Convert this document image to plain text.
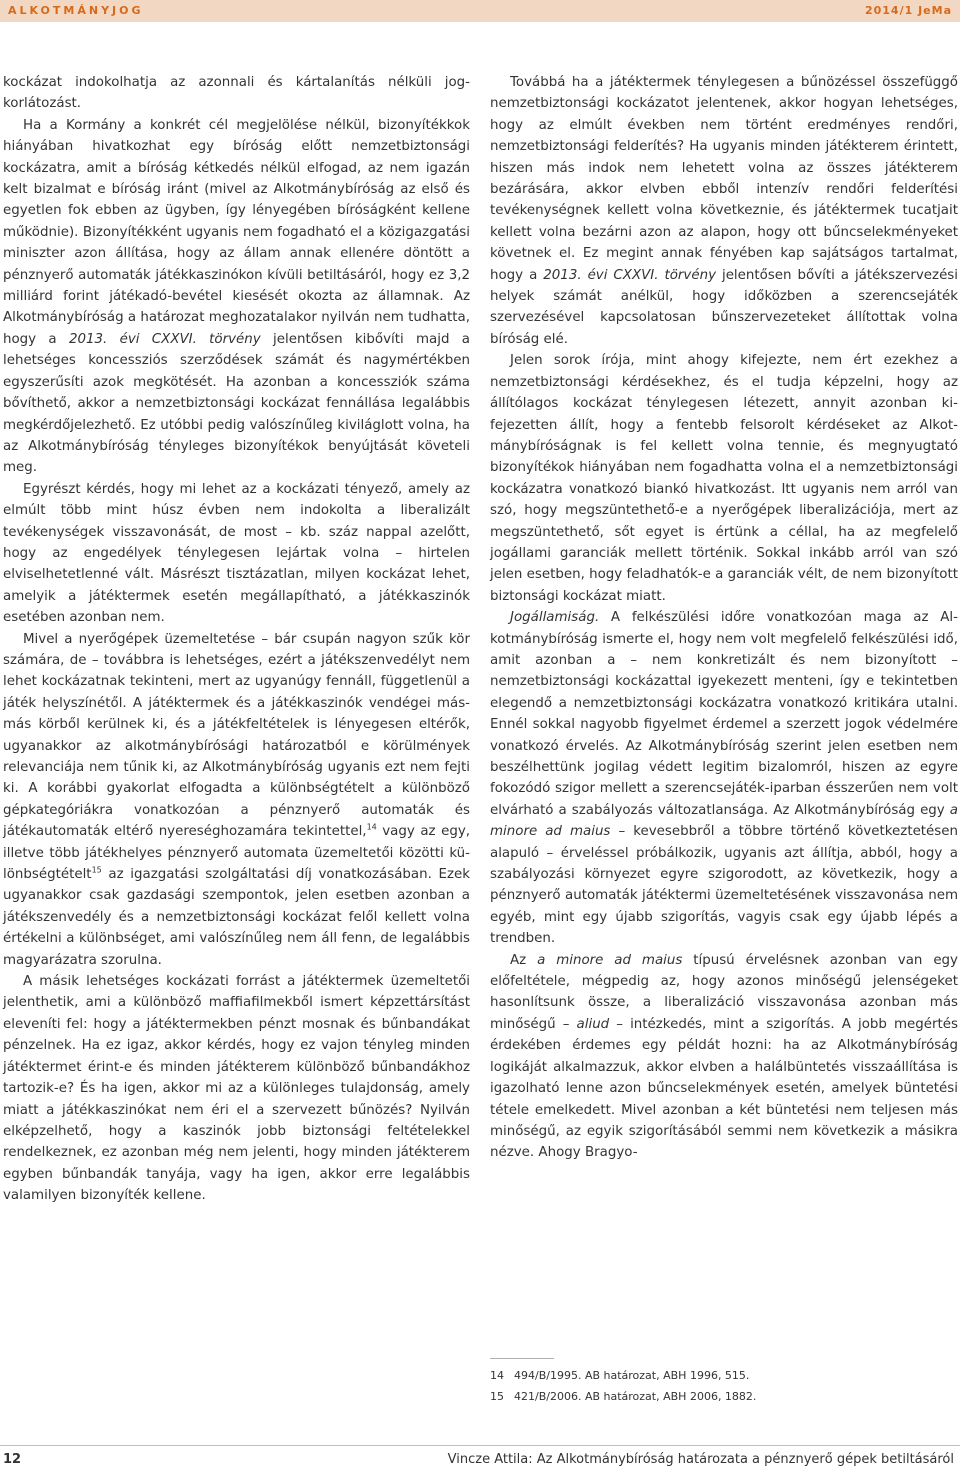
ALKOTMÁNYJOG	2014/1 JeMa

kockázat indokolhatja az azonnali és kártalanítás nélküli jogkorlátozást.

Ha a Kormány a konkrét cél megjelölése nélkül, bizonyítékkok hiányában hivatkozhat egy bíróság előtt nemzetbiztonsági kockázatra, amit a bíróság kétkedés nélkül elfogad, az nem igazán kelt bizalmat e bíróság iránt (mivel az Alkotmánybíróság az első és egyetlen fok ebben az ügyben, így lényegében bíróságként kellene működnie). Bizonyítékként ugyanis nem fogadható el a közigazgatási miniszter azon állítása, hogy az állam annak ellenére döntött a pénznyerő automaták játékkaszinókon kívüli betiltásáról, hogy ez 3,2 milliárd forint játékadó-bevétel kiesését okozta az államnak. Az Alkotmánybíróság a határozat meghozatalakor nyilván nem tudhatta, hogy a 2013. évi CXXVI. törvény jelentősen kibővíti majd a lehetséges koncessziós szerződések számát és nagymértékben egyszerűsíti azok megkötését. Ha azonban a koncessziók száma bővíthető, akkor a nemzetbiztonsági kockázat fennállása legalábbis megkérdőjelezhető. Ez utóbbi pedig valószínűleg kiviláglott volna, ha az Alkotmánybíróság tényleges bizonyítékok benyújtását követeli meg.

Egyrészt kérdés, hogy mi lehet az a kockázati tényező, amely az elmúlt több mint húsz évben nem indokolta a liberalizált tevékenységek visszavonását, de most – kb. száz nappal azelőtt, hogy az engedélyek ténylegesen lejártak volna – hirtelen elviselhetetlenné vált. Másrészt tisztázatlan, milyen kockázat lehet, amelyik a játéktermek esetén megállapítható, a játékkaszinók esetében azonban nem.

Mivel a nyerőgépek üzemeltetése – bár csupán nagyon szűk kör számára, de – továbbra is lehetséges, ezért a játékszenvedélyt nem lehet kockázatnak tekinteni, mert az ugyanúgy fennáll, függetlenül a játék helyszínétől. A játéktermek és a játékkaszinók vendégei más-más körből kerülnek ki, és a játékfeltételek is lényegesen eltérők, ugyanakkor az alkotmánybírósági határozatból e körülmények relevanciája nem tűnik ki, az Alkotmánybíróság ugyanis ezt nem fejti ki. A korábbi gyakorlat elfogadta a különbségtételt a különböző gépkategóriákra vonatkozóan a pénznyerő automaták és játékautomaták eltérő nyereséghozamára tekintettel,$^{14}$ vagy az egy, illetve több játékhelyes pénznyerő automata üzemeltetői közötti különbségtételt$^{15}$ az igazgatási szolgáltatási díj vonatkozásában. Ezek ugyanakkor csak gazdasági szempontok, jelen esetben azonban a játékszenvedély és a nemzetbiztonsági kockázat felől kellett volna értékelni a különbséget, ami valószínűleg nem áll fenn, de legalábbis magyarázatra szorulna.

A másik lehetséges kockázati forrást a játéktermek üzemeltetői jelenthetik, ami a különböző maffiafilmekből ismert képzettársítást eleveníti fel: hogy a játéktermekben pénzt mosnak és bűnbandákat pénzelnek. Ha ez igaz, akkor kérdés, hogy ez vajon tényleg minden játéktermet érint-e és minden játékterem különböző bűnbandákhoz tartozik-e? És ha igen, akkor mi az a különleges tulajdonság, amely miatt a játékkaszinókat nem éri el a szervezett bűnözés? Nyilván elképzelhető, hogy a kaszinók jobb biztonsági feltételekkel rendelkeznek, ez azonban még nem jelenti, hogy minden játékterem egyben bűnbandák tanyája, vagy ha igen, akkor erre legalábbis valamilyen bizonyíték kellene.

Továbbá ha a játéktermek ténylegesen a bűnözéssel összefüggő nemzetbiztonsági kockázatot jelentenek, akkor hogyan lehetséges, hogy az elmúlt években nem történt eredményes rendőri, nemzetbiztonsági felderítés? Ha ugyanis minden játékterem érintett, hiszen más indok nem lehetett volna az összes játékterem bezárására, akkor elvben ebből intenzív rendőri felderítési tevékenységnek kellett volna következnie, és játéktermek tucatjait kellett volna bezárni azon az alapon, hogy ott bűncselekményeket követnek el. Ez megint annak fényében kap sajátságos tartalmat, hogy a 2013. évi CXXVI. törvény jelentősen bővíti a játékszervezési helyek számát anélkül, hogy időközben a szerencsejáték szervezésével kapcsolatosan bűnszervezeteket állítottak volna bíróság elé.

Jelen sorok írója, mint ahogy kifejezte, nem ért ezekhez a nemzetbiztonsági kérdésekhez, és el tudja képzelni, hogy az állítólagos kockázat ténylegesen létezett, annyit azonban kifejezetten állít, hogy a fentebb felsorolt kérdéseket az Alkotmánybíróságnak is fel kellett volna tennie, és megnyugtató bizonyítékok hiányában nem fogadhatta volna el a nemzetbiztonsági kockázatra vonatkozó biankó hivatkozást. Itt ugyanis nem arról van szó, hogy megszüntethető-e a nyerőgépek liberalizációja, mert az megszüntethető, sőt egyet is értünk a céllal, ha az megfelelő jogállami garanciák mellett történik. Sokkal inkább arról van szó jelen esetben, hogy feladhatók-e a garanciák vélt, de nem bizonyított biztonsági kockázat miatt.

Jogállamiság. A felkészülési időre vonatkozóan maga az Alkotmánybíróság ismerte el, hogy nem volt megfelelő felkészülési idő, amit azonban a – nem konkretizált és nem bizonyított – nemzetbiztonsági kockázattal igyekezett menteni, így e tekintetben elegendő a nemzetbiztonsági kockázatra vonatkozó kritikára utalni. Ennél sokkal nagyobb figyelmet érdemel a szerzett jogok védelmére vonatkozó érvelés. Az Alkotmánybíróság szerint jelen esetben nem beszélhettünk jogilag védett legitim bizalomról, hiszen az egyre fokozódó szigor mellett a szerencsejáték-iparban ésszerűen nem volt elvárható a szabályozás változatlansága. Az Alkotmánybíróság egy a minore ad maius – kevesebbről a többre történő következtetésen alapuló – érveléssel próbálkozik, ugyanis azt állítja, abból, hogy a szabályozási környezet egyre szigorodott, az következik, hogy a pénznyerő automaták játéktermi üzemeltetésének visszavonása nem egyéb, mint egy újabb szigorítás, vagyis csak egy újabb lépés a trendben.

Az a minore ad maius típusú érvelésnek azonban van egy előfeltétele, mégpedig az, hogy azonos minőségű jelenségeket hasonlítsunk össze, a liberalizáció visszavonása azonban más minőségű – aliud – intézkedés, mint a szigorítás. A jobb megértés érdekében érdemes egy példát hozni: ha az Alkotmánybíróság logikáját alkalmazzuk, akkor elvben a halálbüntetés visszaállítása is igazolható lenne azon bűncselekmények esetén, amelyek büntetési tétele emelkedett. Mivel azonban a két büntetési nem teljesen más minőségű, az egyik szigorításából semmi nem következik a másikra nézve. Ahogy Bragyo-

14 494/B/1995. AB határozat, ABH 1996, 515.
15 421/B/2006. AB határozat, ABH 2006, 1882.
12	Vincze Attila: Az Alkotmánybíróság határozata a pénznyerő gépek betiltásáról
